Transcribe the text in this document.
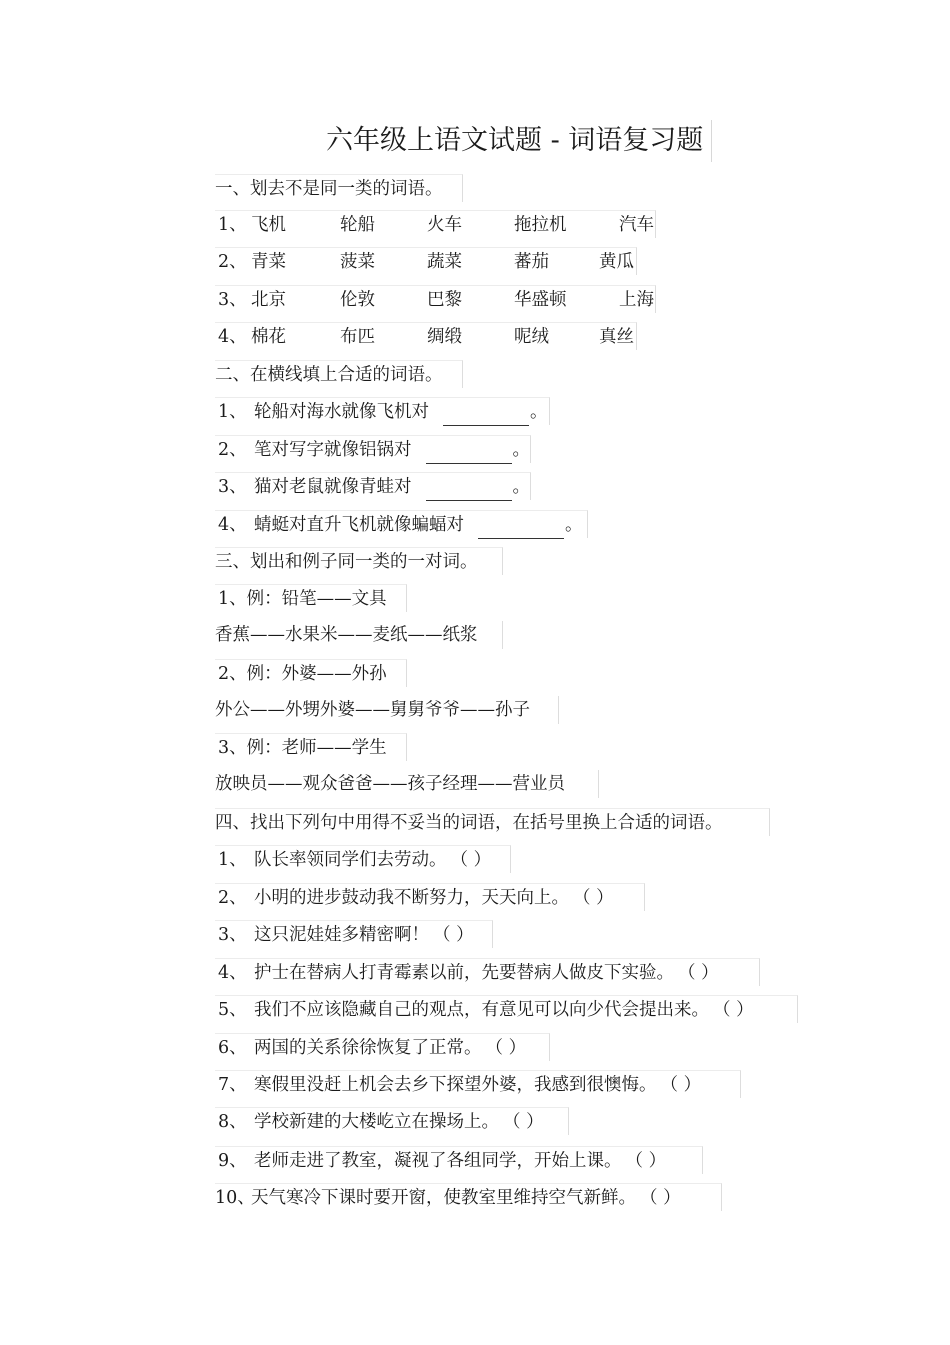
六年级上语文试题 - 词语复习题
一、划去不是同一类的词语。
1、 飞机	轮船	火车	拖拉机	汽车
2、 青菜	菠菜	蔬菜	蕃茄	黄瓜
3、 北京	伦敦	巴黎	华盛顿	上海
4、 棉花	布匹	绸缎	呢绒	真丝
二、在横线填上合适的词语。
1、 轮船对海水就像飞机对	。
2、 笔对写字就像铝锅对	。
3、 猫对老鼠就像青蛙对	。
4、 蜻蜓对直升飞机就像蝙蝠对	。
三、划出和例子同一类的一对词。
1、例：铅笔——文具
香蕉——水果米——麦纸——纸浆
2、例：外婆——外孙
外公——外甥外婆——舅舅爷爷——孙子
3、例：老师——学生
放映员——观众爸爸——孩子经理——营业员
四、找出下列句中用得不妥当的词语，在括号里换上合适的词语。
1、 队长率领同学们去劳动。 （ ）
2、 小明的进步鼓动我不断努力，天天向上。 （ ）
3、 这只泥娃娃多精密啊！ （ ）
4、 护士在替病人打青霉素以前，先要替病人做皮下实验。 （ ）
5、 我们不应该隐藏自己的观点，有意见可以向少代会提出来。 （ ）
6、 两国的关系徐徐恢复了正常。 （ ）
7、 寒假里没赶上机会去乡下探望外婆，我感到很懊悔。 （ ）
8、 学校新建的大楼屹立在操场上。 （ ）
9、 老师走进了教室，凝视了各组同学，开始上课。 （ ）
10、天气寒冷下课时要开窗，使教室里维持空气新鲜。 （ ）
